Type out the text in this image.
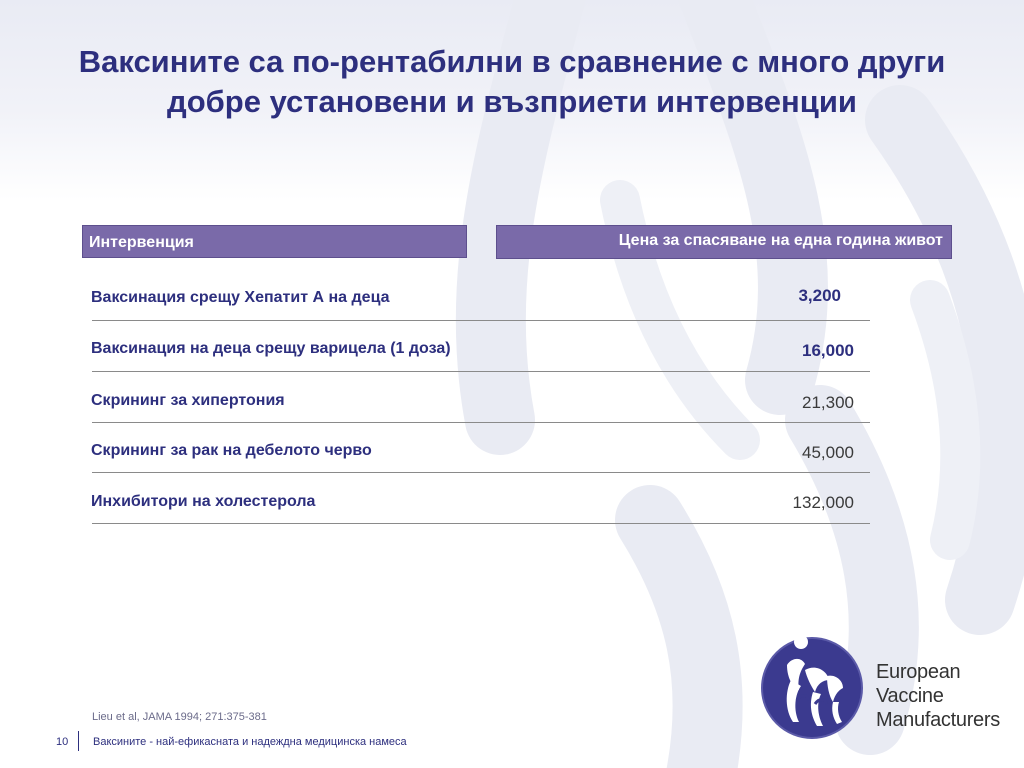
Ваксините са по-рентабилни в сравнение с много други добре установени и възприети интервенции
Интервенция	Цена за спасяване на една година живот
Ваксинация срещу Хепатит А на деца	3,200
Ваксинация на деца срещу варицела (1 доза)	16,000
Скрининг за хипертония	21,300
Скрининг за рак на дебелото черво	45,000
Инхибитори на холестерола	132,000
Lieu et al, JAMA 1994; 271:375-381
10 Ваксините - най-ефикасната и надеждна медицинска намеса
European
Vaccine
Manufacturers
